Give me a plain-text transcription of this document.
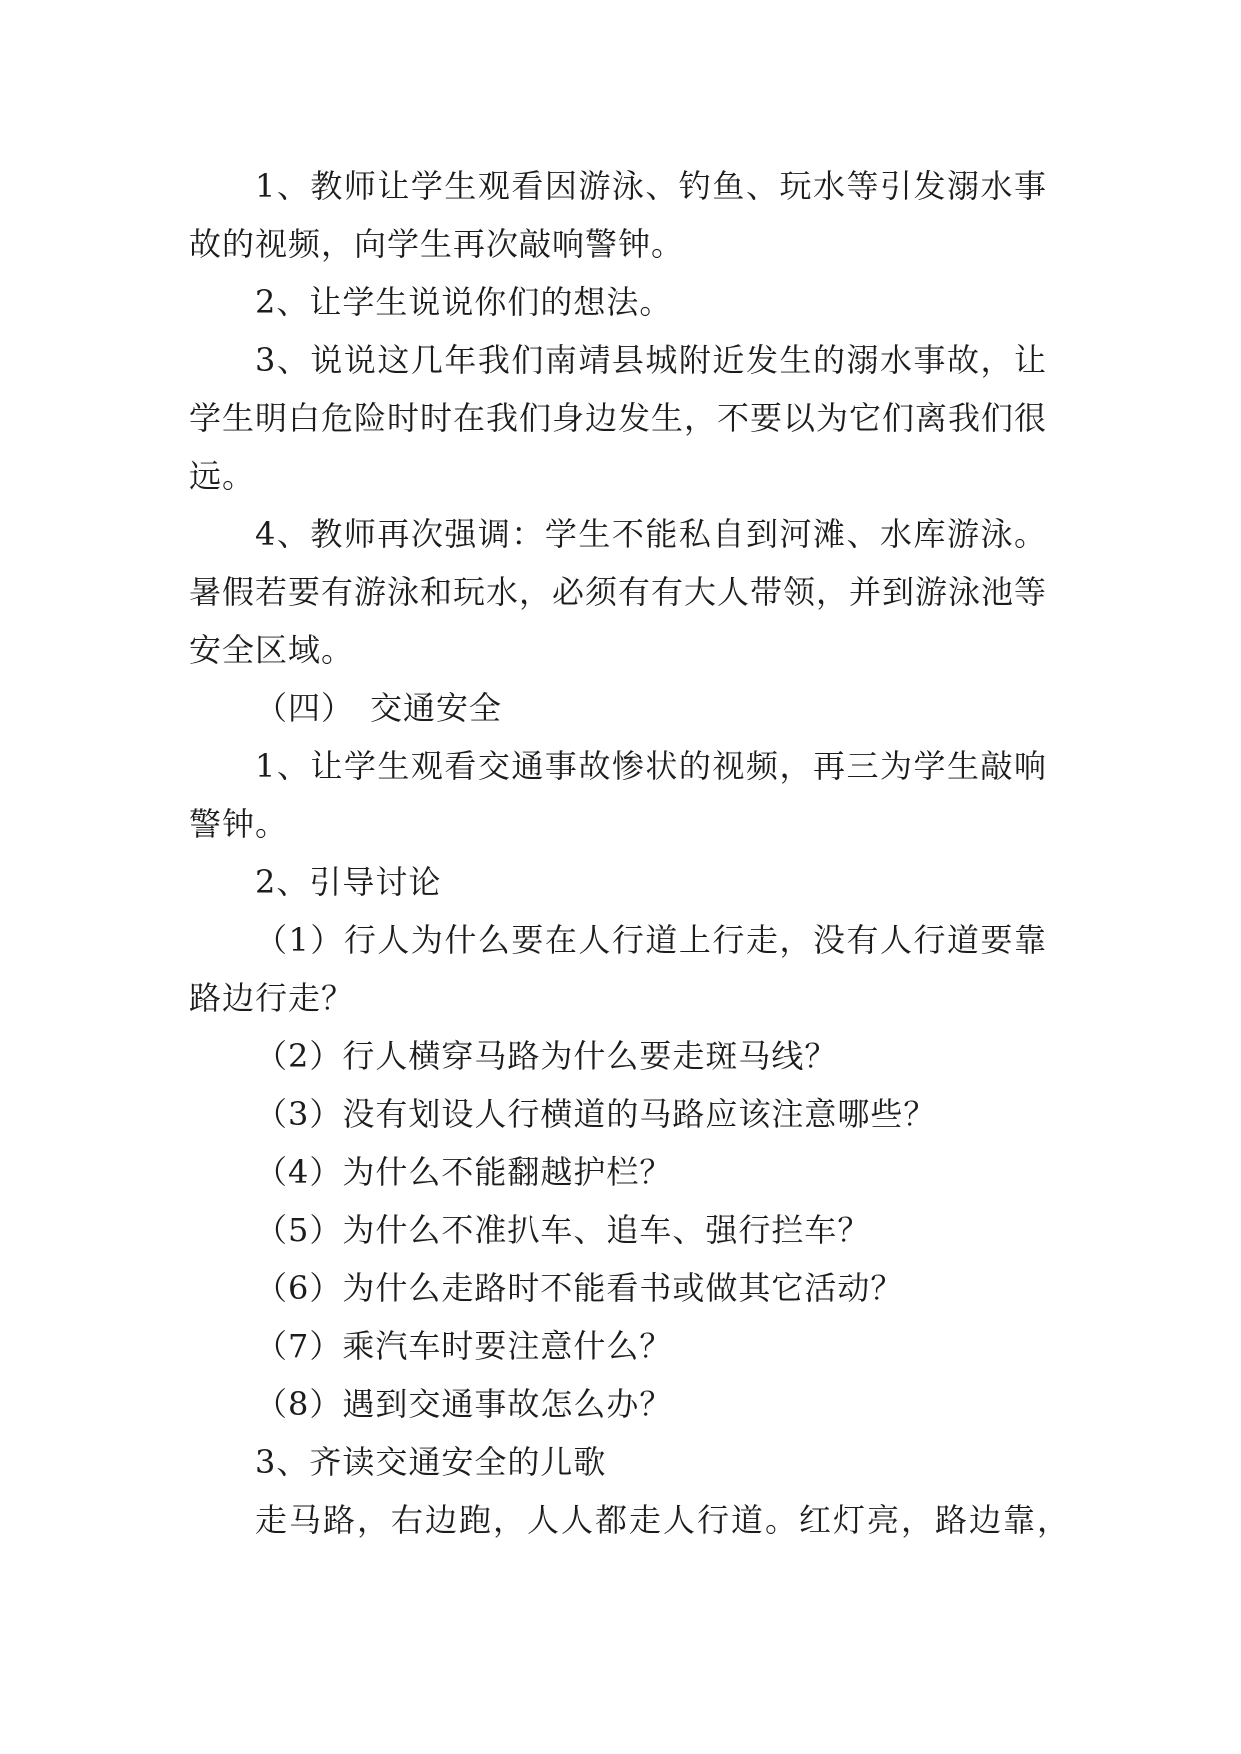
1、教师让学生观看因游泳、钓鱼、玩水等引发溺水事
故的视频，向学生再次敲响警钟。
2、让学生说说你们的想法。
3、说说这几年我们南靖县城附近发生的溺水事故，让
学生明白危险时时在我们身边发生，不要以为它们离我们很
远。
4、教师再次强调：学生不能私自到河滩、水库游泳。
暑假若要有游泳和玩水，必须有有大人带领，并到游泳池等
安全区域。
（四） 交通安全
1、让学生观看交通事故惨状的视频，再三为学生敲响
警钟。
2、引导讨论
（1）行人为什么要在人行道上行走，没有人行道要靠
路边行走？
（2）行人横穿马路为什么要走斑马线？
（3）没有划设人行横道的马路应该注意哪些？
（4）为什么不能翻越护栏？
（5）为什么不准扒车、追车、强行拦车？
（6）为什么走路时不能看书或做其它活动？
（7）乘汽车时要注意什么？
（8）遇到交通事故怎么办？
3、齐读交通安全的儿歌
走马路，右边跑，人人都走人行道。红灯亮，路边靠，
